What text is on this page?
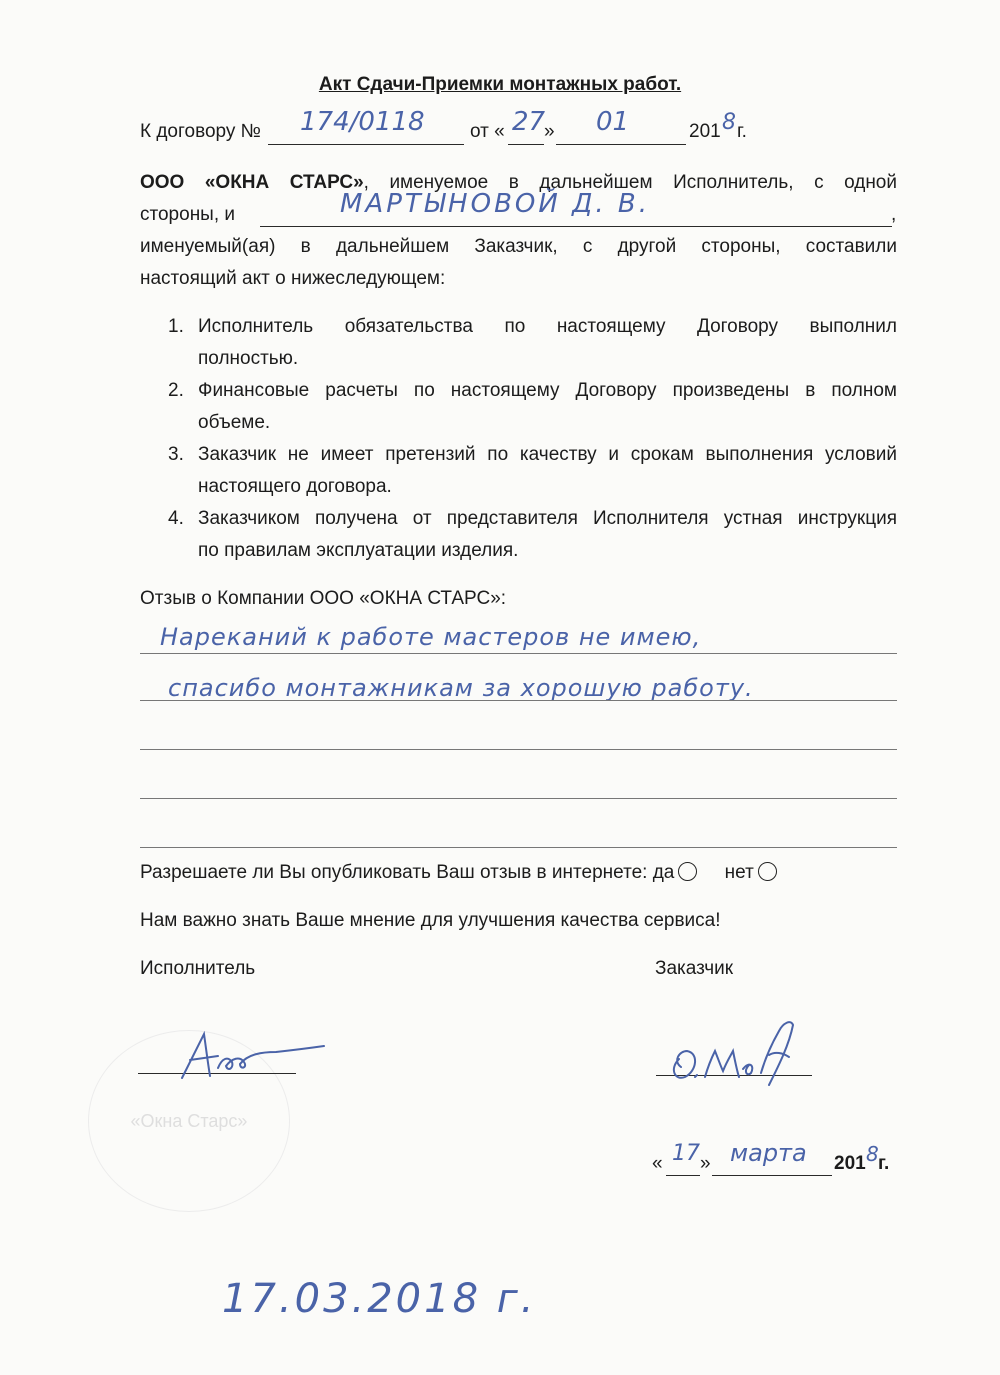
Акт Сдачи-Приемки монтажных работ.
К договору № 174/0118 от « 27
» 01	201 8 г.
ООО «ОКНА СТАРС», именуемое в дальнейшем Исполнитель, с одной
стороны, и	МАРТЫНОВОЙ Д. В.	,
именуемый(ая) в дальнейшем Заказчик, с другой стороны, составили
настоящий акт о нижеследующем:
1. Исполнитель обязательства по настоящему Договору выполнил
полностью.
2. Финансовые расчеты по настоящему Договору произведены в полном
объеме.
3. Заказчик не имеет претензий по качеству и срокам выполнения условий
настоящего договора.
4. Заказчиком получена от представителя Исполнителя устная инструкция
по правилам эксплуатации изделия.
Отзыв о Компании ООО «ОКНА СТАРС»:
Нареканий к работе мастеров не имею,
спасибо монтажникам за хорошую работу.
Разрешаете ли Вы опубликовать Ваш отзыв в интернете: да	нет
Нам важно знать Ваше мнение для улучшения качества сервиса!
Исполнитель	Заказчик
«Окна Старс»
« 17 » марта 201 8 г.
17.03.2018 г.
